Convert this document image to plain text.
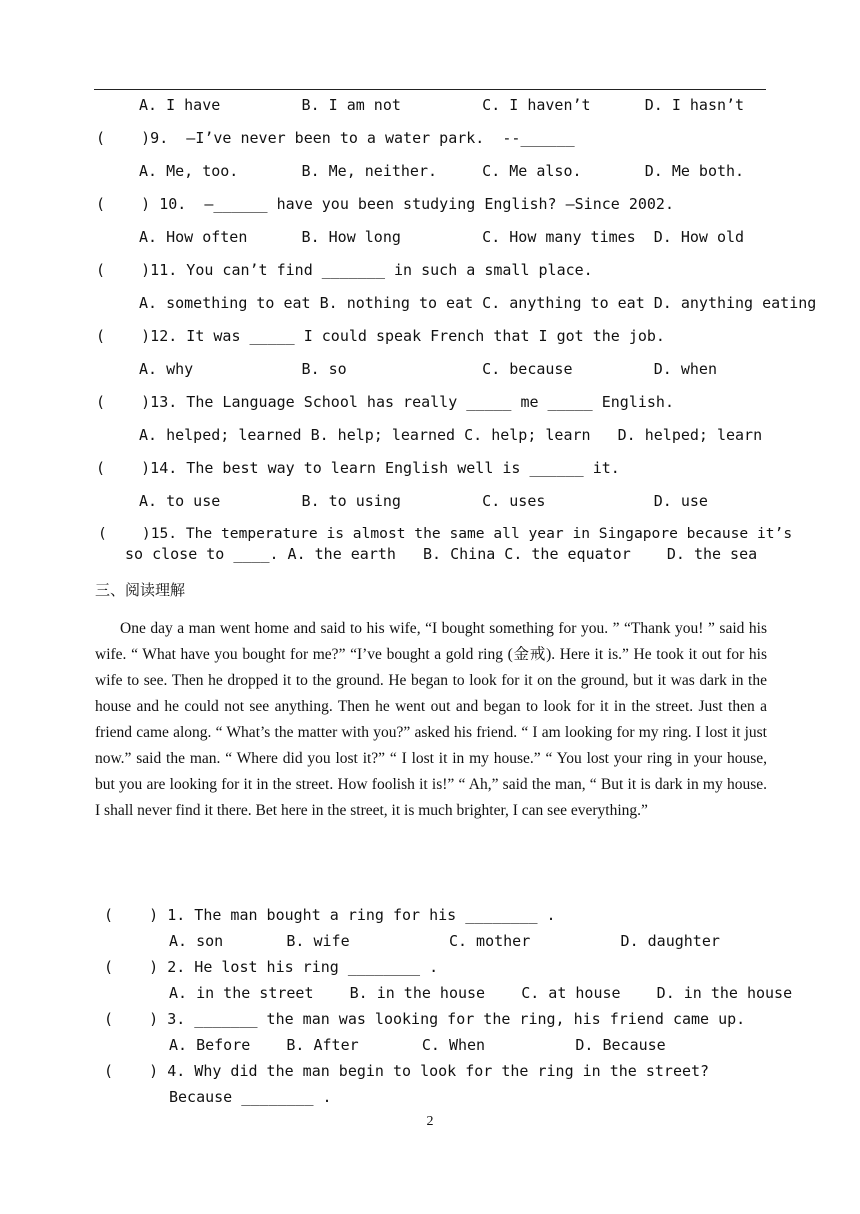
A. I have         B. I am not         C. I haven’t      D. I hasn’t
(    )9.  –I’ve never been to a water park.  --______
A. Me, too.       B. Me, neither.     C. Me also.       D. Me both.
(    ) 10.  –______ have you been studying English? –Since 2002.
A. How often      B. How long         C. How many times  D. How old
(    )11. You can’t find _______ in such a small place.
A. something to eat B. nothing to eat C. anything to eat D. anything eating
(    )12. It was _____ I could speak French that I got the job.
A. why            B. so               C. because         D. when
(    )13. The Language School has really _____ me _____ English.
A. helped; learned B. help; learned C. help; learn   D. helped; learn
(    )14. The best way to learn English well is ______ it.
A. to use         B. to using         C. uses            D. use
(    )15. The temperature is almost the same all year in Singapore because it’s
so close to ____. A. the earth   B. China C. the equator    D. the sea
三、阅读理解

One day a man went home and said to his wife, “I bought something for you. ” “Thank you! ” said his wife. “ What have you bought for me?” “I’ve bought a gold ring (金戒). Here it is.” He took it out for his wife to see. Then he dropped it to the ground. He began to look for it on the ground, but it was dark in the house and he could not see anything. Then he went out and began to look for it in the street. Just then a friend came along. “ What’s the matter with you?” asked his friend. “ I am looking for my ring. I lost it just now.” said the man. “ Where did you lost it?” “ I lost it in my house.” “ You lost your ring in your house, but you are looking for it in the street. How foolish it is!” “ Ah,” said the man, “ But it is dark in my house. I shall never find it there. Bet here in the street, it is much brighter, I can see everything.”

(    ) 1. The man bought a ring for his ________ .
A. son       B. wife           C. mother          D. daughter
(    ) 2. He lost his ring ________ .
A. in the street    B. in the house    C. at house    D. in the house
(    ) 3. _______ the man was looking for the ring, his friend came up.
A. Before    B. After       C. When          D. Because
(    ) 4. Why did the man begin to look for the ring in the street?
Because ________ .
2
